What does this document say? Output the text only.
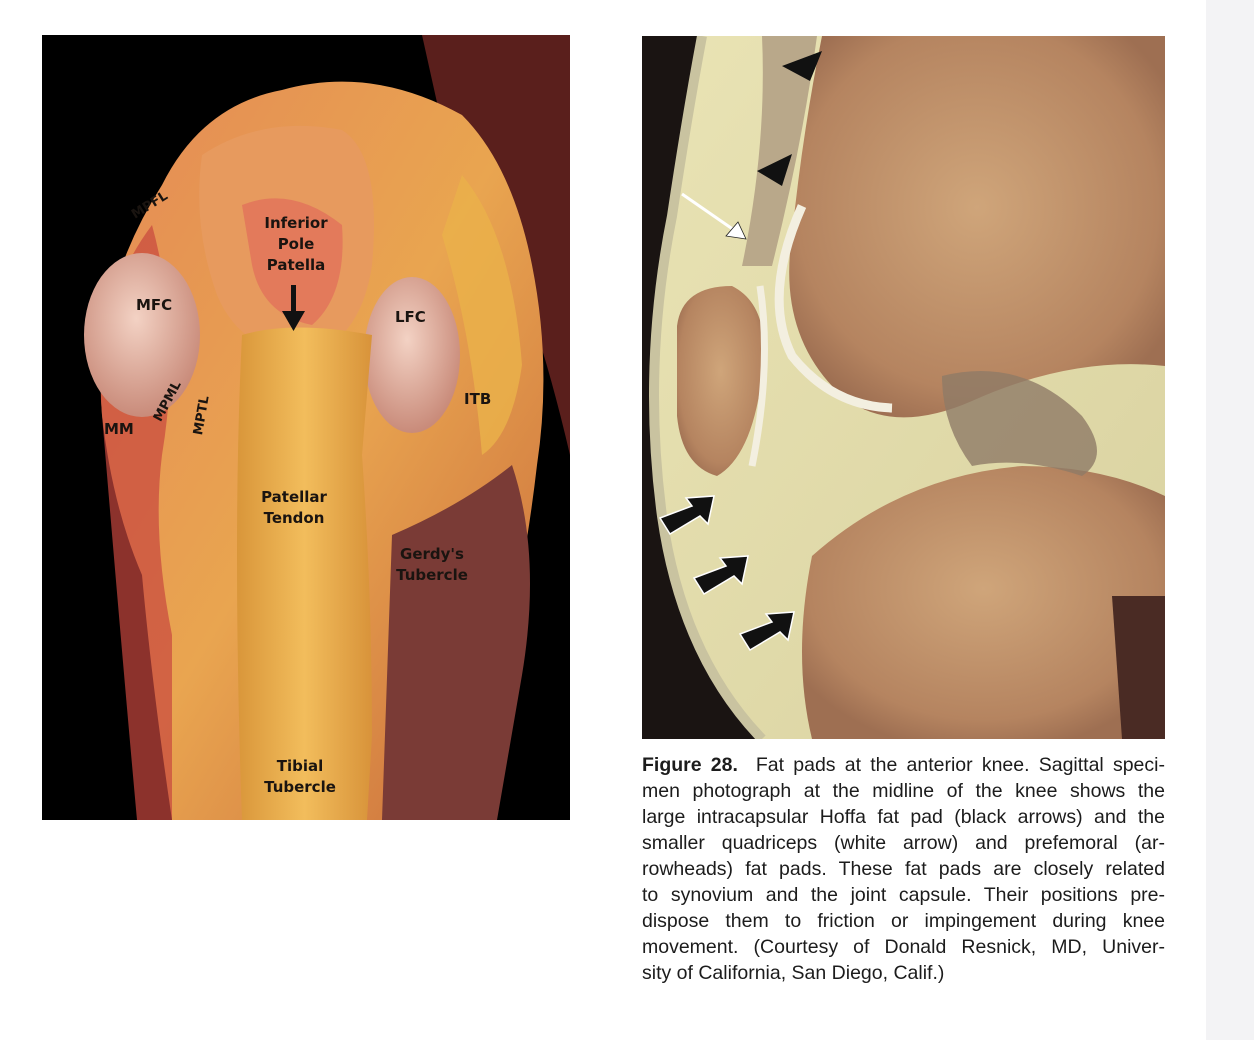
MPFL
Inferior
Pole
Patella
MFC
LFC
ITB
MM
MPML MPTL
Patellar
Tendon
Gerdy's
Tubercle
Tibial
Tubercle
Figure 28. Fat pads at the anterior knee. Sagittal speci-
men photograph at the midline of the knee shows the
large intracapsular Hoffa fat pad (black arrows) and the
smaller quadriceps (white arrow) and prefemoral (ar-
rowheads) fat pads. These fat pads are closely related
to synovium and the joint capsule. Their positions pre-
dispose them to friction or impingement during knee
movement. (Courtesy of Donald Resnick, MD, Univer-
sity of California, San Diego, Calif.)
